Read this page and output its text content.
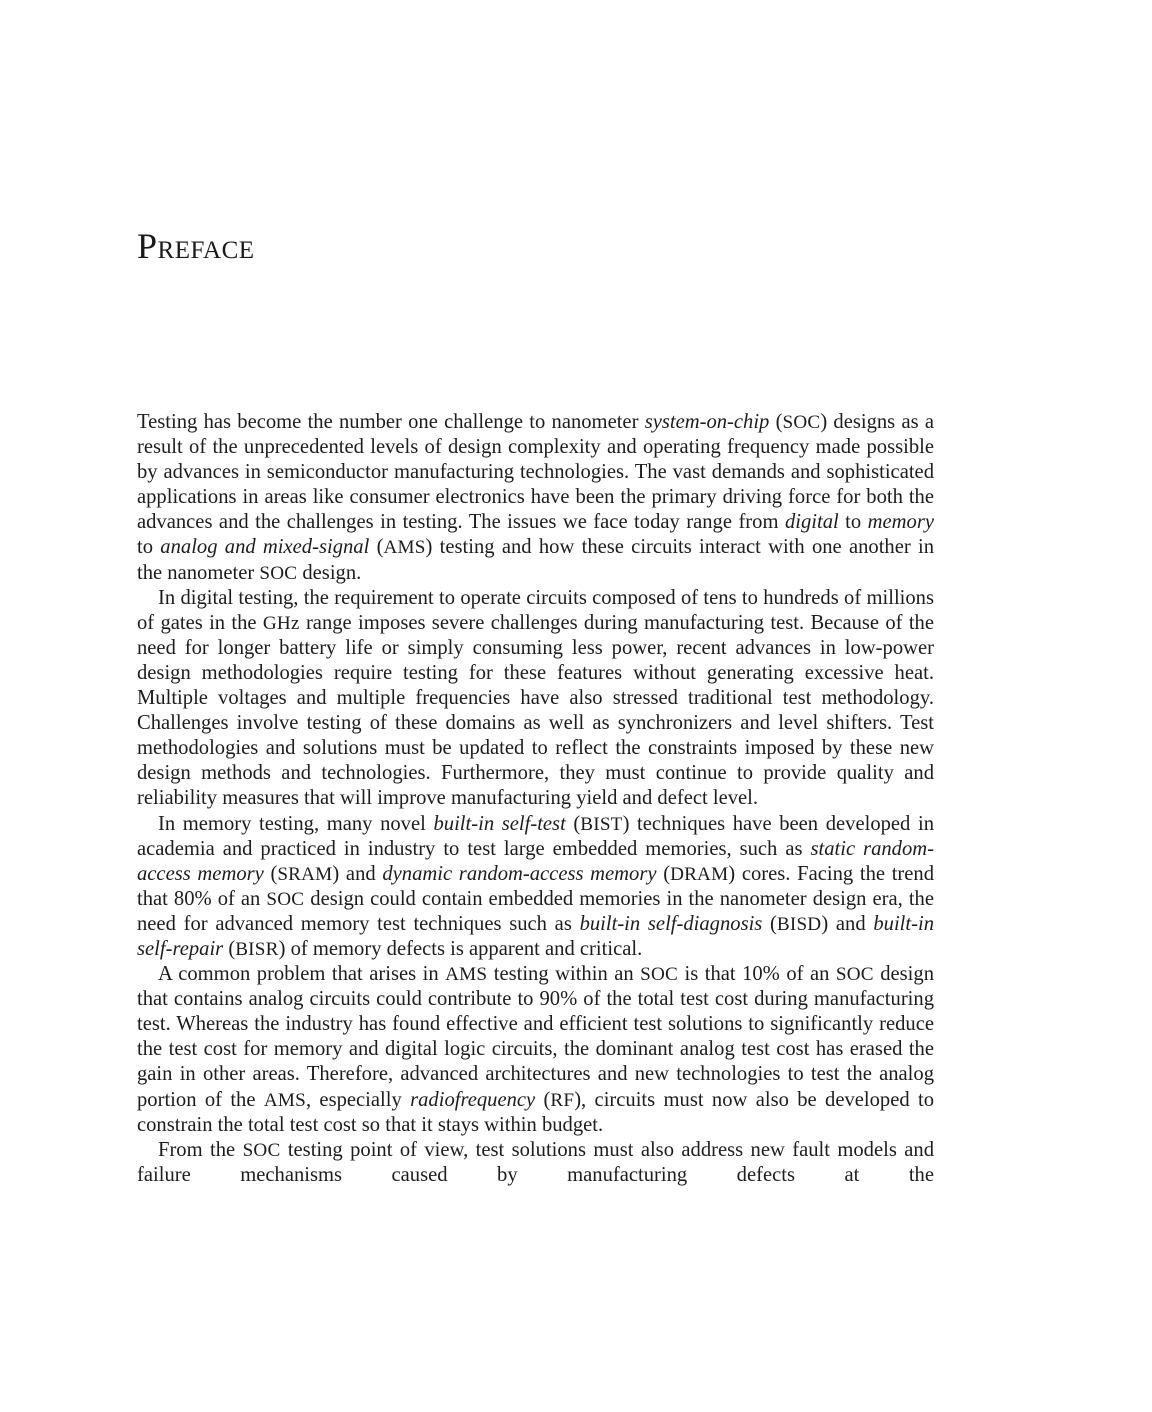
Preface

Testing has become the number one challenge to nanometer system-on-chip (SOC) designs as a result of the unprecedented levels of design complexity and operating frequency made possible by advances in semiconductor manufacturing technologies. The vast demands and sophisticated applications in areas like consumer electronics have been the primary driving force for both the advances and the challenges in testing. The issues we face today range from digital to memory to analog and mixed-signal (AMS) testing and how these circuits interact with one another in the nanometer SOC design.

In digital testing, the requirement to operate circuits composed of tens to hundreds of millions of gates in the GHz range imposes severe challenges during manufacturing test. Because of the need for longer battery life or simply consuming less power, recent advances in low-power design methodologies require testing for these features without generating excessive heat. Multiple voltages and multiple frequencies have also stressed traditional test methodology. Challenges involve testing of these domains as well as synchronizers and level shifters. Test methodologies and solutions must be updated to reflect the constraints imposed by these new design methods and technologies. Furthermore, they must continue to provide quality and reliability measures that will improve manufacturing yield and defect level.

In memory testing, many novel built-in self-test (BIST) techniques have been developed in academia and practiced in industry to test large embedded memories, such as static random-access memory (SRAM) and dynamic random-access memory (DRAM) cores. Facing the trend that 80% of an SOC design could contain embedded memories in the nanometer design era, the need for advanced memory test techniques such as built-in self-diagnosis (BISD) and built-in self-repair (BISR) of memory defects is apparent and critical.

A common problem that arises in AMS testing within an SOC is that 10% of an SOC design that contains analog circuits could contribute to 90% of the total test cost during manufacturing test. Whereas the industry has found effective and efficient test solutions to significantly reduce the test cost for memory and digital logic circuits, the dominant analog test cost has erased the gain in other areas. Therefore, advanced architectures and new technologies to test the analog portion of the AMS, especially radiofrequency (RF), circuits must now also be developed to constrain the total test cost so that it stays within budget.

From the SOC testing point of view, test solutions must also address new fault models and failure mechanisms caused by manufacturing defects at the
